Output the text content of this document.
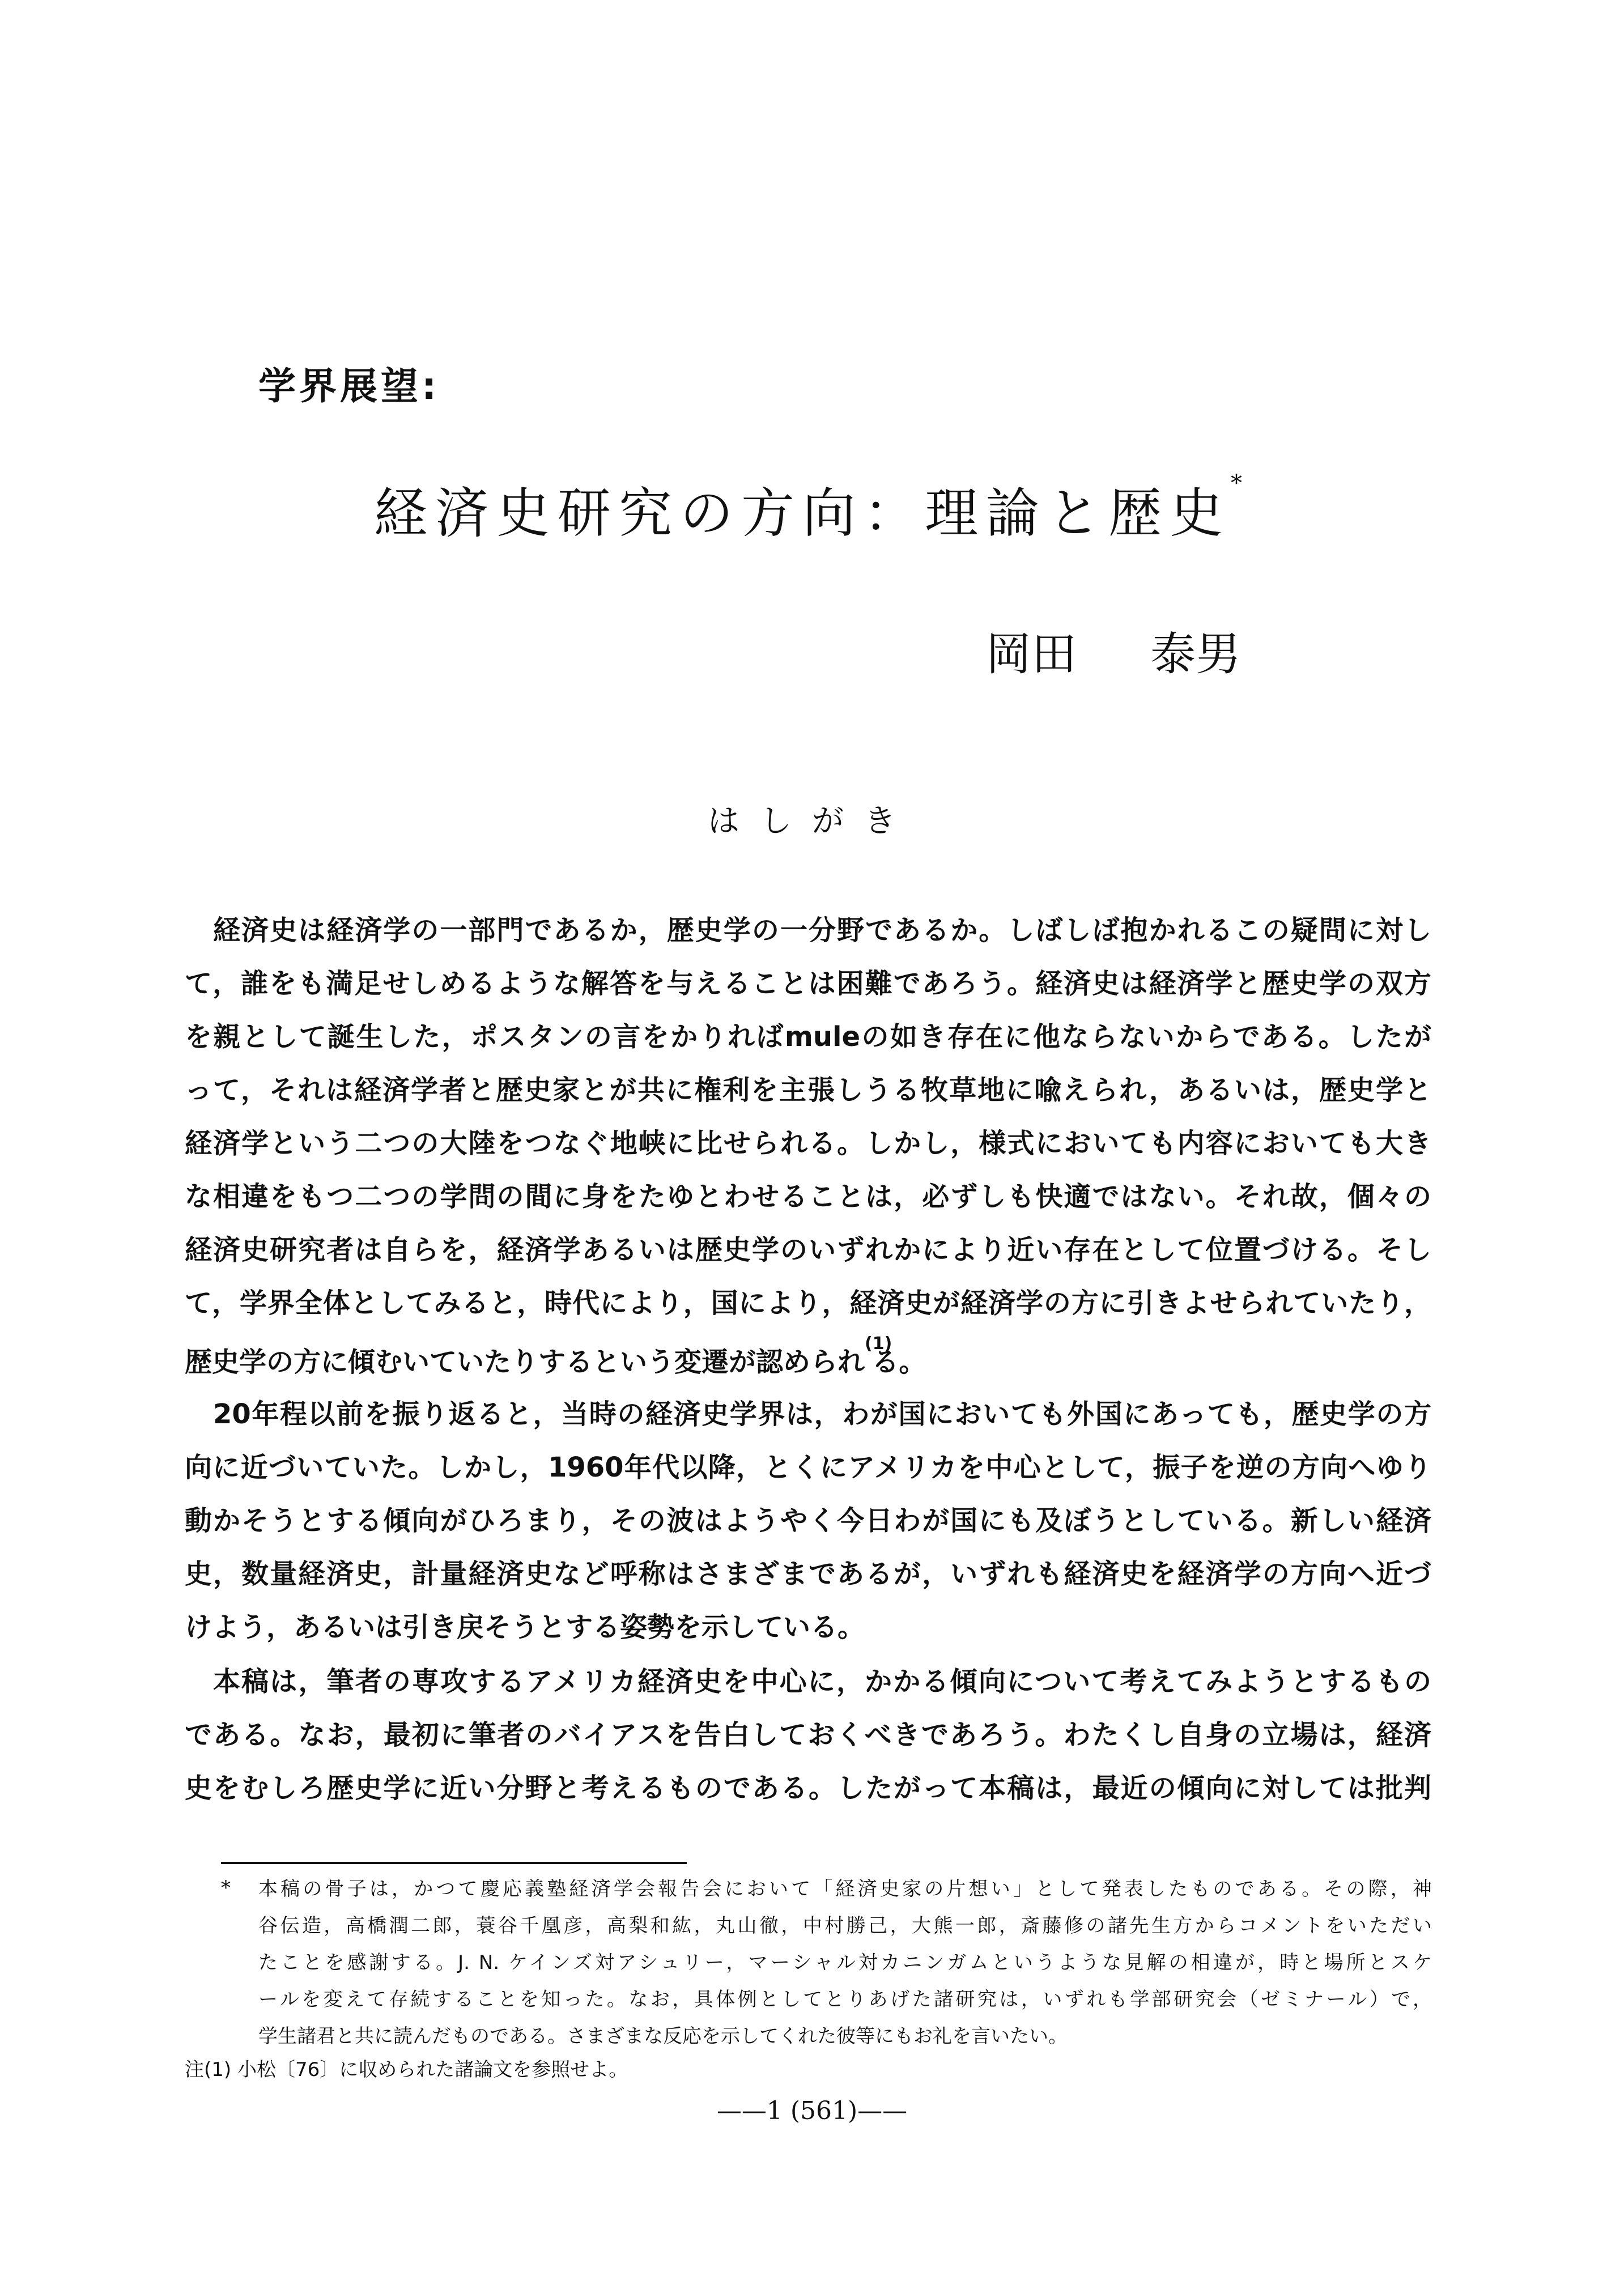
学界展望:
経済史研究の方向：理論と歴史*
岡田 泰男
はしがき
経済史は経済学の一部門であるか，歴史学の一分野であるか。しばしば抱かれるこの疑問に対し
て，誰をも満足せしめるような解答を与えることは困難であろう。経済史は経済学と歴史学の双方
を親として誕生した，ポスタンの言をかりればmuleの如き存在に他ならないからである。したが
って，それは経済学者と歴史家とが共に権利を主張しうる牧草地に喩えられ，あるいは，歴史学と
経済学という二つの大陸をつなぐ地峡に比せられる。しかし，様式においても内容においても大き
な相違をもつ二つの学問の間に身をたゆとわせることは，必ずしも快適ではない。それ故，個々の
経済史研究者は自らを，経済学あるいは歴史学のいずれかにより近い存在として位置づける。そし
て，学界全体としてみると，時代により，国により，経済史が経済学の方に引きよせられていたり，
歴史学の方に傾むいていたりするという変遷が認められ$^{(1)}$る。
20年程以前を振り返ると，当時の経済史学界は，わが国においても外国にあっても，歴史学の方
向に近づいていた。しかし，1960年代以降，とくにアメリカを中心として，振子を逆の方向へゆり
動かそうとする傾向がひろまり，その波はようやく今日わが国にも及ぼうとしている。新しい経済
史，数量経済史，計量経済史など呼称はさまざまであるが，いずれも経済史を経済学の方向へ近づ
けよう，あるいは引き戻そうとする姿勢を示している。
本稿は，筆者の専攻するアメリカ経済史を中心に，かかる傾向について考えてみようとするもの
である。なお，最初に筆者のバイアスを告白しておくべきであろう。わたくし自身の立場は，経済
史をむしろ歴史学に近い分野と考えるものである。したがって本稿は，最近の傾向に対しては批判
* 本稿の骨子は，かつて慶応義塾経済学会報告会において「経済史家の片想い」として発表したものである。その際，神
谷伝造，高橋潤二郎，蓑谷千凰彦，高梨和紘，丸山徹，中村勝己，大熊一郎，斎藤修の諸先生方からコメントをいただい
たことを感謝する。J. N. ケインズ対アシュリー，マーシャル対カニンガムというような見解の相違が，時と場所とスケ
ールを変えて存続することを知った。なお，具体例としてとりあげた諸研究は，いずれも学部研究会（ゼミナール）で，
学生諸君と共に読んだものである。さまざまな反応を示してくれた彼等にもお礼を言いたい。
注(1) 小松〔76〕に収められた諸論文を参照せよ。
——1 (561)——
